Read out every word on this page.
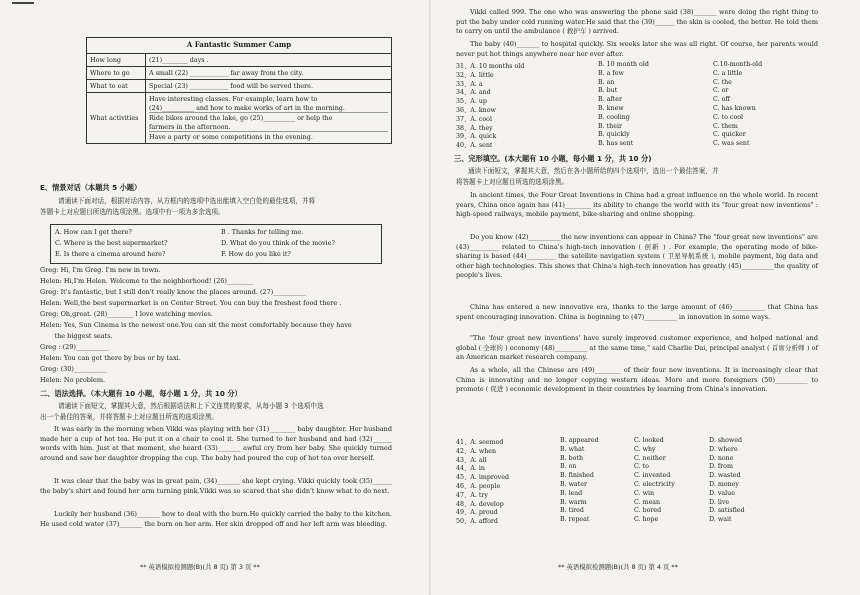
A Fantastic Summer Camp	
How long	(21)________ days .
Where to go	A small (22) ____________ far away from the city.
What to eat	Special (23) ____________ food will be served there.
What activities	Have interesting classes. For example, learn how to
(24)__________ and how to make works of art in the morning.
Ride bikes around the lake, go (25)__________ or help the
farmers in the afternoon.
Have a party or some competitions in the evening.
E、情景对话（本题共 5 小题）
请通读下面对话，根据对话内容，从方框内的选项中选出能填入空白处的最佳选项，并将
答题卡上对应题目所选的选项涂黑。选项中有一项为多余选项。
A. How can I get there?	B . Thanks for telling me.
C. Where is the best supermarket?	D. What do you think of the movie?
E. Is there a cinema around here?	F. How do you like it?
Greg: Hi, I'm Greg. I'm new in town.
Helen: Hi,I'm Helen. Welcome to the neighborhood! (26)________
Greg: It's fantastic, but I still don't really know the places around. (27)__________
Helen: Well,the best supermarket is on Center Street. You can buy the freshest food there .
Greg: Oh,great. (28)________ I love watching movies.
Helen: Yes, Sun Cinema is the newest one.You can sit the most comfortably because they have
the biggest seats.
Greg : (29)__________
Helen: You can get there by bus or by taxi.
Greg: (30)__________
Helen: No problem.
二、语法选择。（本大题有 10 小题，每小题 1 分，共 10 分）
请通读下面短文，掌握其大意，然后根据语法和上下文连贯的要求，从每小题 3 个选项中选
出一个最佳的答案，并将答题卡上对应题目所选的选项涂黑。
It was early in the morning when Vikki was playing with her (31)________ baby daughter. Her husband made her a cup of hot tea. He put it on a chair to cool it. She turned to her husband and had (32)______ words with him. Just at that moment, she heard (33)_______ awful cry from her baby. She quickly turned around and saw her daughter dropping the cup. The baby had poured the cup of hot tea over herself.
It was clear that the baby was in great pain, (34)_______ she kept crying. Vikki quickly took (35)______ the baby's shirt and found her arm turning pink.Vikki was so scared that she didn't know what to do next.
Luckily her husband (36)_______ how to deal with the burn.He quickly carried the baby to the kitchen. He used cold water (37)_______ the burn on her arm. Her skin dropped off and her left arm was bleeding.
** 英语模拟检测题(B)(共 8 页) 第 3 页 **
Vikki called 999. The one who was answering the phone said (38)_______ were doing the right thing to put the baby under cold running water.He said that the (39)______ the skin is cooled, the better. He told them to carry on until the ambulance ( 救护车 ) arrived.
The baby (40)_______ to hospital quickly. Six weeks later she was all right. Of course, her parents would never put hot things anywhere near her ever after.
31、A. 10 months old	B. 10 month old	C.10-month-old
32、A. little	B. a few	C. a little
33、A. a	B. an	C. the
34、A. and	B. but	C. or
35、A. up	B. after	C. off
36、A. know	B. knew	C. has known
37、A. cool	B. cooling	C. to cool
38、A. they	B. their	C. them
39、A. quick	B. quickly	C. quicker
40、A. sent	B. has sent	C. was sent
三、完形填空。(本大题有 10 小题，每小题 1 分，共 10 分)
通读下面短文，掌握其大意，然后在各小题所给的四个选项中，选出一个最佳答案，并
将答题卡上对应题目所选的选项涂黑。
In ancient times, the Four Great Inventions in China had a great influence on the whole world. In recent years, China once again has (41)________ its ability to change the world with its "four great new inventions" : high-speed railways, mobile payment, bike-sharing and online shopping.
Do you know (42)__________the new inventions can appear in China? The "four great new inventions" are (43)_________ related to China's high-tech innovation ( 创新 ) . For example, the operating mode of bike-sharing is based (44)_________ the satellite navigation system ( 卫星导航系统 ), mobile payment, big data and other high technologies. This shows that China's high-tech innovation has greatly (45)__________the quality of people's lives.
China has entered a new innovative era, thanks to the large amount of (46)__________ that China has spent encouraging innovation. China is beginning to (47)__________ in innovation in some ways.
"The 'four great new inventions' have surely improved customer experience, and helped national and global ( 全球的 ) economy (48)__________ at the same time," said Charlie Dai, principal analyst ( 首席分析师 ) of an American market research company.
As a whole, all the Chinese are (49)________ of their four new inventions. It is increasingly clear that China is innovating and no longer copying western ideas. More and more foreigners (50)__________ to promote ( 促进 ) economic development in their countries by learning from China's innovation.
41、A. seemed	B. appeared	C. looked	D. showed
42、A. when	B. what	C. why	D. where
43、A. all	B. both	C. neither	D. none
44、A. in	B. on	C. to	D. from
45、A. improved	B. finished	C. invented	D. wasted
46、A. people	B. water	C. electricity	D. money
47、A. try	B. lead	C. win	D. value
48、A. develop	B. warm	C. mean	D. live
49、A. proud	B. tired	C. bored	D. satisfied
50、A. afford	B. repeat	C. hope	D. wait
** 英语模拟检测题(B)(共 8 页) 第 4 页 **
